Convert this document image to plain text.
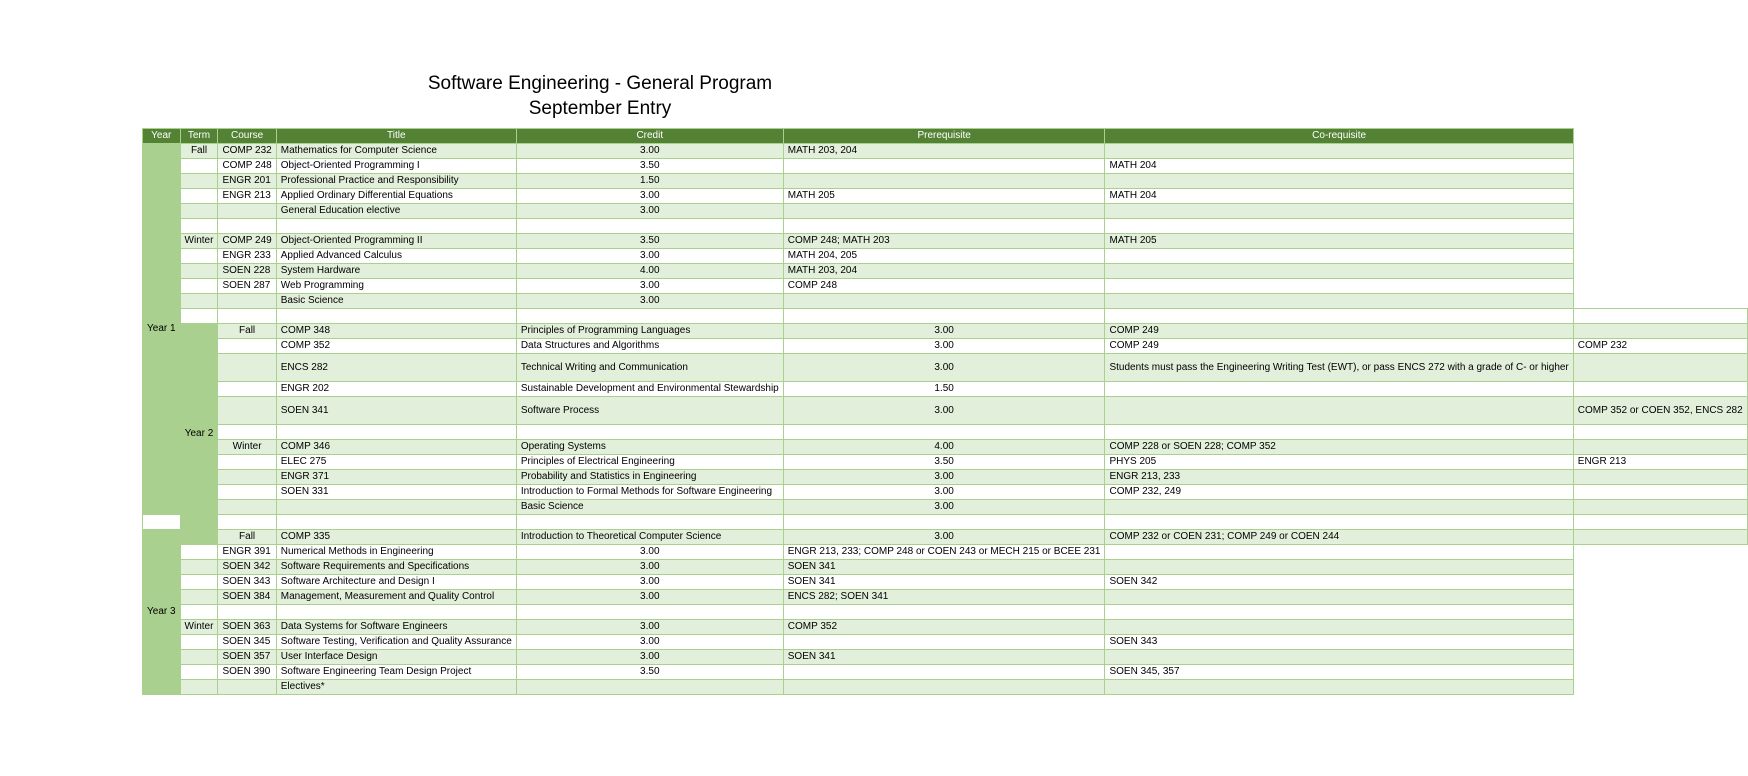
Software Engineering - General Program
September Entry
Year	Term	Course	Title	Credit	Prerequisite	Co-requisite	
Year 1	Fall	COMP 232	Mathematics for Computer Science	3.00	MATH 203, 204		
		COMP 248	Object-Oriented Programming I	3.50		MATH 204	
		ENGR 201	Professional Practice and Responsibility	1.50			
		ENGR 213	Applied Ordinary Differential Equations	3.00	MATH 205	MATH 204	
			General Education elective	3.00			

	Winter	COMP 249	Object-Oriented Programming II	3.50	COMP 248; MATH 203	MATH 205	
		ENGR 233	Applied Advanced Calculus	3.00	MATH 204, 205		
		SOEN 228	System Hardware	4.00	MATH 203, 204		
		SOEN 287	Web Programming	3.00	COMP 248		
			Basic Science	3.00			

	Year 2	Fall	COMP 348	Principles of Programming Languages	3.00	COMP 249	
			COMP 352	Data Structures and Algorithms	3.00	COMP 249	COMP 232
			ENCS 282	Technical Writing and Communication	3.00	Students must pass the Engineering Writing Test (EWT), or pass ENCS 272 with a grade of C- or higher	
			ENGR 202	Sustainable Development and Environmental Stewardship	1.50		
			SOEN 341	Software Process	3.00		COMP 352 or COEN 352, ENCS 282

		Winter	COMP 346	Operating Systems	4.00	COMP 228 or SOEN 228; COMP 352	
			ELEC 275	Principles of Electrical Engineering	3.50	PHYS 205	ENGR 213
			ENGR 371	Probability and Statistics in Engineering	3.00	ENGR 213, 233	
			SOEN 331	Introduction to Formal Methods for Software Engineering	3.00	COMP 232, 249	
				Basic Science	3.00		

Year 3		Fall	COMP 335	Introduction to Theoretical Computer Science	3.00	COMP 232 or COEN 231; COMP 249 or COEN 244	
		ENGR 391	Numerical Methods in Engineering	3.00	ENGR 213, 233; COMP 248 or COEN 243 or MECH 215 or BCEE 231		
		SOEN 342	Software Requirements and Specifications	3.00	SOEN 341		
		SOEN 343	Software Architecture and Design I	3.00	SOEN 341	SOEN 342	
		SOEN 384	Management, Measurement and Quality Control	3.00	ENCS 282; SOEN 341		

	Winter	SOEN 363	Data Systems for Software Engineers	3.00	COMP 352		
		SOEN 345	Software Testing, Verification and Quality Assurance	3.00		SOEN 343	
		SOEN 357	User Interface Design	3.00	SOEN 341		
		SOEN 390	Software Engineering Team Design Project	3.50		SOEN 345, 357	
			Electives*				
